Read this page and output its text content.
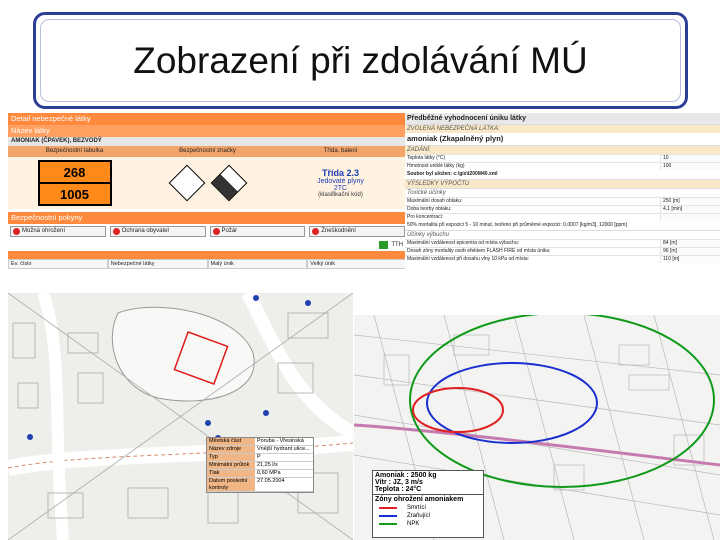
Zobrazení při zdolávání MÚ
Detail nebezpečné látky
Název látky
AMONIAK (ČPAVEK), BEZVODÝ
Bezpečnostní tabulka	Bezpečnostní značky	Třída, balení
268
1005
Třída 2.3
Jedovaté plyny
2TC
(klasifikační kód)
Bezpečnostní pokyny
Možná ohrožení	Ochrana obyvatel	Požár	Zneškodnění
TTH
Ev. číslo	Nebezpečné látky	Malý únik	Velký únik
Městská část	Poruba - Vřesinská
Název zdroje	Vnější hydrant ulice...
Typ	P
Minimální průtok	21,25 l/s
Tlak	0,60 MPa
Datum poslední kontroly
27.05.2004
Předběžné vyhodnocení úniku látky
ZVOLENÁ NEBEZPEČNÁ LÁTKA:
amoniak (Zkapalněný plyn)
ZADÁNÍ:
Teplota látky (°C)	10
Hmotnost uniklé látky (kg)	100
Soubor byl uložen: c:\gis\t200M40.xml
VÝSLEDKY VÝPOČTU
Toxické účinky
Maximální dosah oblaku:	250 [m]
Doba tvorby oblaku:	4,1 [min]
Pro koncentraci:
50% mortalita při expozici 5 - 10 minut, tvořeno při průměrné expozici: 0,0007 [kg/m3], 12000 [ppm]
Účinky výbuchu
Maximální vzdálenost epicentra od místa výbuchu:	84 [m]
Dosah zóny mortality osob efektem FLASH FIRE od místa úniku:	96 [m]
Maximální vzdálenost při dosahu vlny 10 kPa od místa:	110 [m]
Amoniak : 2500 kg
Vítr : JZ, 3 m/s
Teplota : 24°C
Zóny ohrožení amoniakem
Smrtící
Zraňující
NPK
